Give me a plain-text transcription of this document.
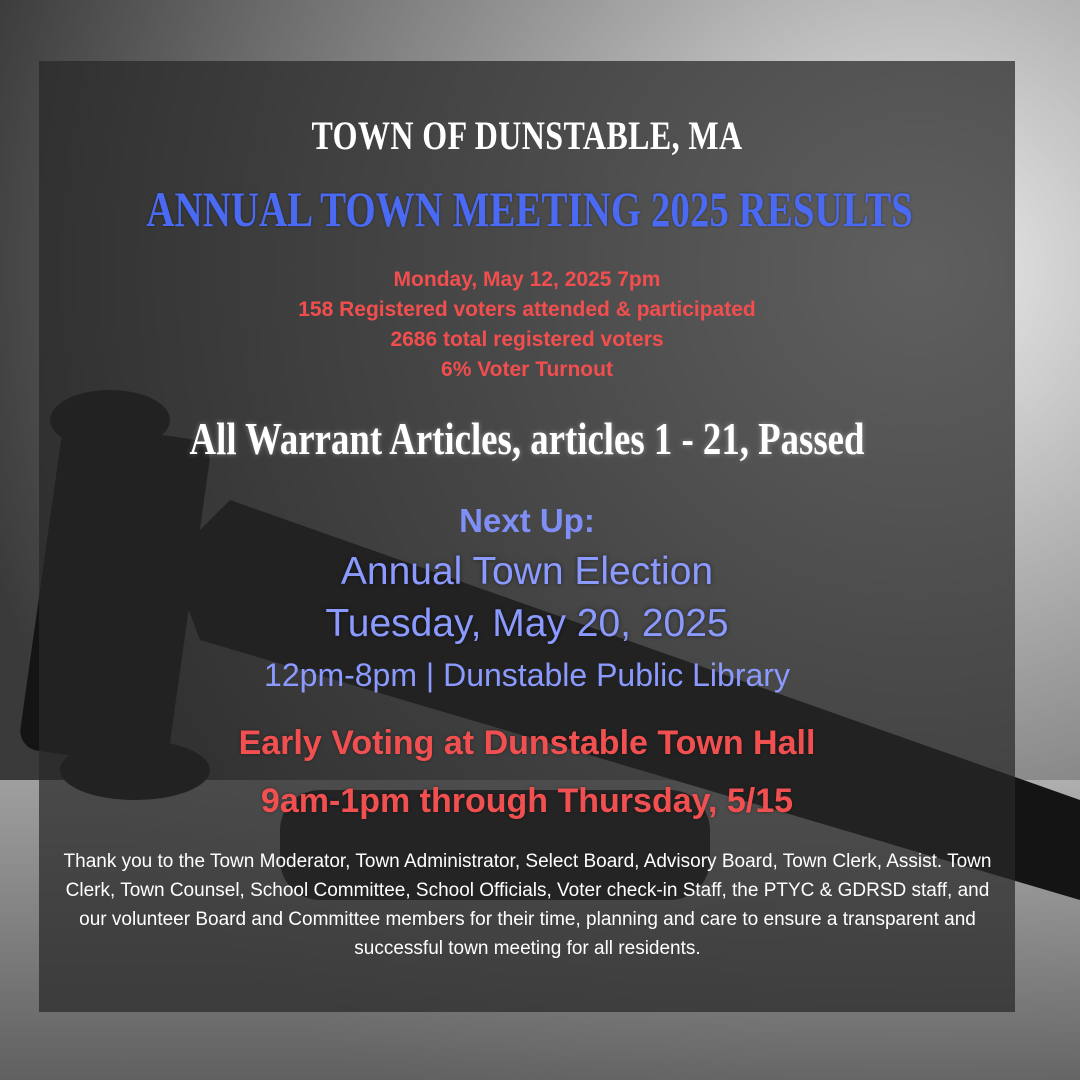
TOWN OF DUNSTABLE, MA
ANNUAL TOWN MEETING 2025 RESULTS

Monday, May 12, 2025 7pm

158 Registered voters attended & participated

2686 total registered voters

6% Voter Turnout

All Warrant Articles, articles 1 - 21, Passed

Next Up:

Annual Town Election

Tuesday, May 20, 2025

12pm-8pm | Dunstable Public Library

Early Voting at Dunstable Town Hall

9am-1pm through Thursday, 5/15

Thank you to the Town Moderator, Town Administrator, Select Board, Advisory Board, Town Clerk, Assist. Town Clerk, Town Counsel, School Committee, School Officials, Voter check-in Staff, the PTYC & GDRSD staff, and our volunteer Board and Committee members for their time, planning and care to ensure a transparent and successful town meeting for all residents.
